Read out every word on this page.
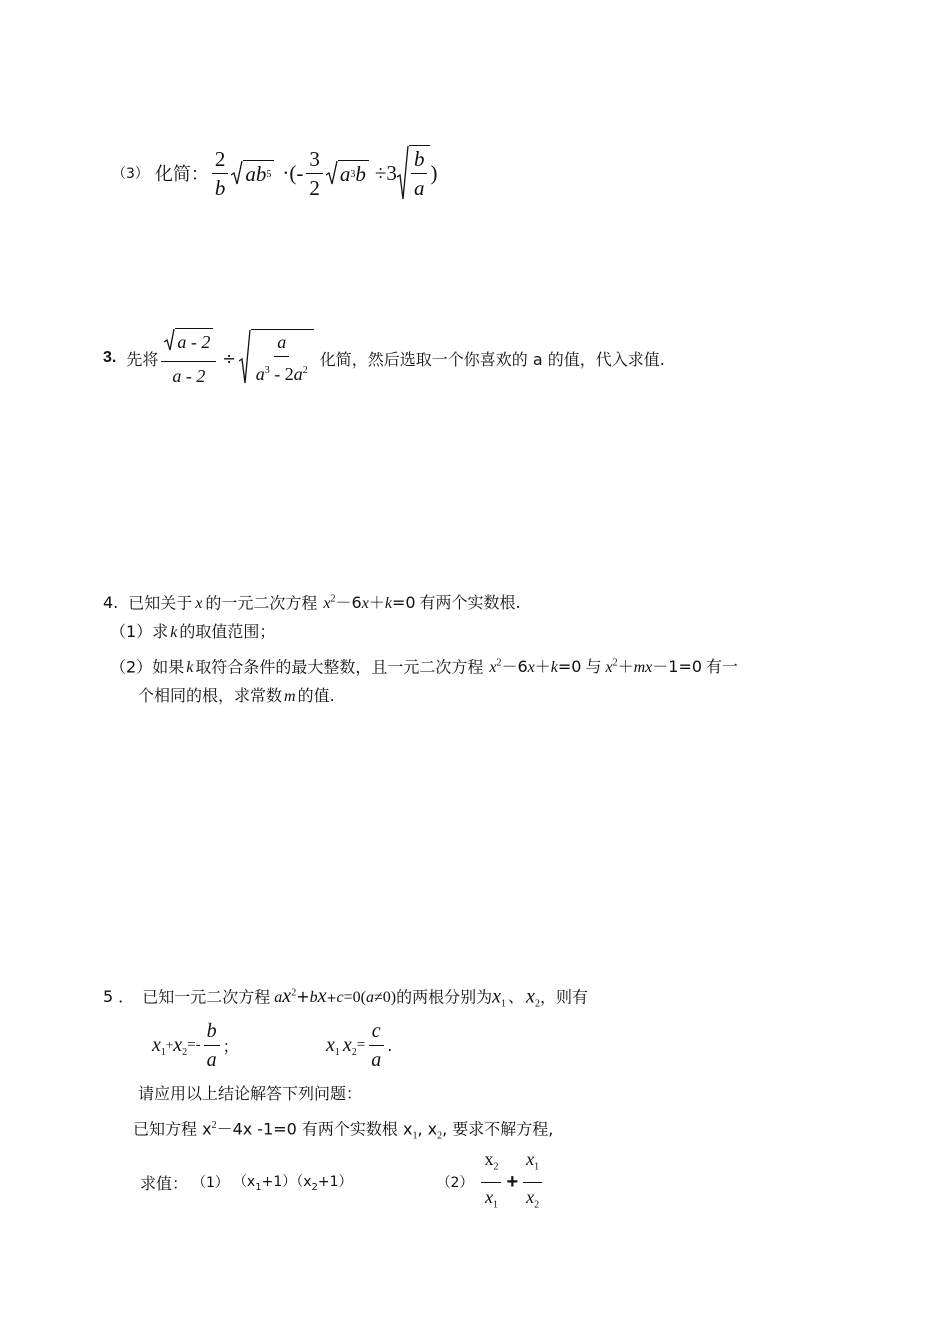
（3） 化简： $\frac{2}{b}$ ab 5 ·(- $\frac{3}{2}$ a 3 $b \div 3 \frac{b}{a}$ )
3. 先将 $\frac{a - 2}{a - 2} \div \frac{a}{a^3 - 2a^2}$ 化简，然后选取一个你喜欢的 a 的值，代入求值.
4. 已知关于 x 的一元二次方程 $x^2-6x+k=0$ 有两个实数根.
（1）求 k 的取值范围；
（2）如果 k 取符合条件的最大整数，且一元二次方程 $x^2-6x+k=0$ 与 $x^2+mx-1=0$ 有一
个相同的根，求常数 m 的值.
5 ． 已知一元二次方程 $ax^2+bx+c=0(a\ne 0)$的两根分别为$x_1$ 、 $x_2$，则有
$x_1$
+ $x_2 =- \frac{b}{a}$ ；	$x_1$ $x_2 = \frac{c}{a}$ .
请应用以上结论解答下列问题：
已知方程 $x^2-4x$ -1=0 有两个实数根 $x_1$, $x_2$, 要求不解方程,
求值： （1） $(x_1+1)(x_2+1)$	$(2) \frac{x_2}{x_1} + \frac{x_1}{x_2}$
